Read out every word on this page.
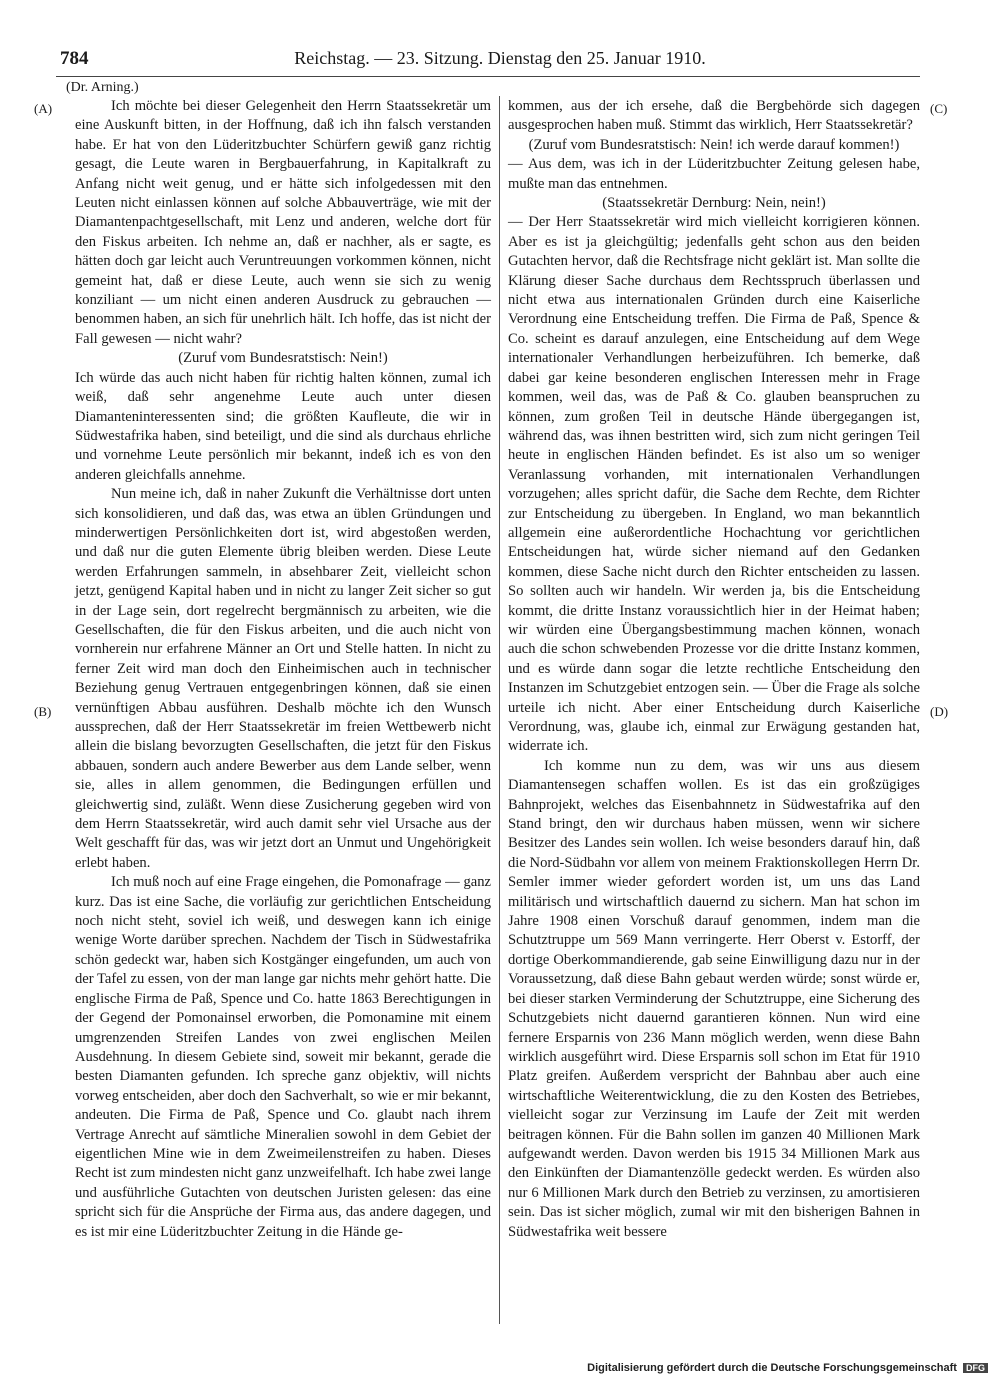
784	Reichstag. — 23. Sitzung. Dienstag den 25. Januar 1910.
(Dr. Arning.)
(A)
(B)
(C)
(D)

Ich möchte bei dieser Gelegenheit den Herrn Staatssekretär um eine Auskunft bitten, in der Hoffnung, daß ich ihn falsch verstanden habe. Er hat von den Lüderitzbuchter Schürfern gewiß ganz richtig gesagt, die Leute waren in Bergbauerfahrung, in Kapitalkraft zu Anfang nicht weit genug, und er hätte sich infolgedessen mit den Leuten nicht einlassen können auf solche Abbauverträge, wie mit der Diamantenpachtgesellschaft, mit Lenz und anderen, welche dort für den Fiskus arbeiten. Ich nehme an, daß er nachher, als er sagte, es hätten doch gar leicht auch Veruntreuungen vorkommen können, nicht gemeint hat, daß er diese Leute, auch wenn sie sich zu wenig konziliant — um nicht einen anderen Ausdruck zu gebrauchen — benommen haben, an sich für unehrlich hält. Ich hoffe, das ist nicht der Fall gewesen — nicht wahr?

(Zuruf vom Bundesratstisch: Nein!)

Ich würde das auch nicht haben für richtig halten können, zumal ich weiß, daß sehr angenehme Leute auch unter diesen Diamanteninteressenten sind; die größten Kaufleute, die wir in Südwestafrika haben, sind beteiligt, und die sind als durchaus ehrliche und vornehme Leute persönlich mir bekannt, indeß ich es von den anderen gleichfalls annehme.

Nun meine ich, daß in naher Zukunft die Verhältnisse dort unten sich konsolidieren, und daß das, was etwa an üblen Gründungen und minderwertigen Persönlichkeiten dort ist, wird abgestoßen werden, und daß nur die guten Elemente übrig bleiben werden. Diese Leute werden Erfahrungen sammeln, in absehbarer Zeit, vielleicht schon jetzt, genügend Kapital haben und in nicht zu langer Zeit sicher so gut in der Lage sein, dort regelrecht bergmännisch zu arbeiten, wie die Gesellschaften, die für den Fiskus arbeiten, und die auch nicht von vornherein nur erfahrene Männer an Ort und Stelle hatten. In nicht zu ferner Zeit wird man doch den Einheimischen auch in technischer Beziehung genug Vertrauen entgegenbringen können, daß sie einen vernünftigen Abbau ausführen. Deshalb möchte ich den Wunsch aussprechen, daß der Herr Staatssekretär im freien Wettbewerb nicht allein die bislang bevorzugten Gesellschaften, die jetzt für den Fiskus abbauen, sondern auch andere Bewerber aus dem Lande selber, wenn sie, alles in allem genommen, die Bedingungen erfüllen und gleichwertig sind, zuläßt. Wenn diese Zusicherung gegeben wird von dem Herrn Staatssekretär, wird auch damit sehr viel Ursache aus der Welt geschafft für das, was wir jetzt dort an Unmut und Ungehörigkeit erlebt haben.

Ich muß noch auf eine Frage eingehen, die Pomonafrage — ganz kurz. Das ist eine Sache, die vorläufig zur gerichtlichen Entscheidung noch nicht steht, soviel ich weiß, und deswegen kann ich einige wenige Worte darüber sprechen. Nachdem der Tisch in Südwestafrika schön gedeckt war, haben sich Kostgänger eingefunden, um auch von der Tafel zu essen, von der man lange gar nichts mehr gehört hatte. Die englische Firma de Paß, Spence und Co. hatte 1863 Berechtigungen in der Gegend der Pomonainsel erworben, die Pomonamine mit einem umgrenzenden Streifen Landes von zwei englischen Meilen Ausdehnung. In diesem Gebiete sind, soweit mir bekannt, gerade die besten Diamanten gefunden. Ich spreche ganz objektiv, will nichts vorweg entscheiden, aber doch den Sachverhalt, so wie er mir bekannt, andeuten. Die Firma de Paß, Spence und Co. glaubt nach ihrem Vertrage Anrecht auf sämtliche Mineralien sowohl in dem Gebiet der eigentlichen Mine wie in dem Zweimeilenstreifen zu haben. Dieses Recht ist zum mindesten nicht ganz unzweifelhaft. Ich habe zwei lange und ausführliche Gutachten von deutschen Juristen gelesen: das eine spricht sich für die Ansprüche der Firma aus, das andere dagegen, und es ist mir eine Lüderitzbuchter Zeitung in die Hände ge-

kommen, aus der ich ersehe, daß die Bergbehörde sich dagegen ausgesprochen haben muß. Stimmt das wirklich, Herr Staatssekretär?

(Zuruf vom Bundesratstisch: Nein! ich werde darauf kommen!)

— Aus dem, was ich in der Lüderitzbuchter Zeitung gelesen habe, mußte man das entnehmen.

(Staatssekretär Dernburg: Nein, nein!)

— Der Herr Staatssekretär wird mich vielleicht korrigieren können. Aber es ist ja gleichgültig; jedenfalls geht schon aus den beiden Gutachten hervor, daß die Rechtsfrage nicht geklärt ist. Man sollte die Klärung dieser Sache durchaus dem Rechtsspruch überlassen und nicht etwa aus internationalen Gründen durch eine Kaiserliche Verordnung eine Entscheidung treffen. Die Firma de Paß, Spence & Co. scheint es darauf anzulegen, eine Entscheidung auf dem Wege internationaler Verhandlungen herbeizuführen. Ich bemerke, daß dabei gar keine besonderen englischen Interessen mehr in Frage kommen, weil das, was de Paß & Co. glauben beanspruchen zu können, zum großen Teil in deutsche Hände übergegangen ist, während das, was ihnen bestritten wird, sich zum nicht geringen Teil heute in englischen Händen befindet. Es ist also um so weniger Veranlassung vorhanden, mit internationalen Verhandlungen vorzugehen; alles spricht dafür, die Sache dem Rechte, dem Richter zur Entscheidung zu übergeben. In England, wo man bekanntlich allgemein eine außerordentliche Hochachtung vor gerichtlichen Entscheidungen hat, würde sicher niemand auf den Gedanken kommen, diese Sache nicht durch den Richter entscheiden zu lassen. So sollten auch wir handeln. Wir werden ja, bis die Entscheidung kommt, die dritte Instanz voraussichtlich hier in der Heimat haben; wir würden eine Übergangsbestimmung machen können, wonach auch die schon schwebenden Prozesse vor die dritte Instanz kommen, und es würde dann sogar die letzte rechtliche Entscheidung den Instanzen im Schutzgebiet entzogen sein. — Über die Frage als solche urteile ich nicht. Aber einer Entscheidung durch Kaiserliche Verordnung, was, glaube ich, einmal zur Erwägung gestanden hat, widerrate ich.

Ich komme nun zu dem, was wir uns aus diesem Diamantensegen schaffen wollen. Es ist das ein großzügiges Bahnprojekt, welches das Eisenbahnnetz in Südwestafrika auf den Stand bringt, den wir durchaus haben müssen, wenn wir sichere Besitzer des Landes sein wollen. Ich weise besonders darauf hin, daß die Nord-Südbahn vor allem von meinem Fraktionskollegen Herrn Dr. Semler immer wieder gefordert worden ist, um uns das Land militärisch und wirtschaftlich dauernd zu sichern. Man hat schon im Jahre 1908 einen Vorschuß darauf genommen, indem man die Schutztruppe um 569 Mann verringerte. Herr Oberst v. Estorff, der dortige Oberkommandierende, gab seine Einwilligung dazu nur in der Voraussetzung, daß diese Bahn gebaut werden würde; sonst würde er, bei dieser starken Verminderung der Schutztruppe, eine Sicherung des Schutzgebiets nicht dauernd garantieren können. Nun wird eine fernere Ersparnis von 236 Mann möglich werden, wenn diese Bahn wirklich ausgeführt wird. Diese Ersparnis soll schon im Etat für 1910 Platz greifen. Außerdem verspricht der Bahnbau aber auch eine wirtschaftliche Weiterentwicklung, die zu den Kosten des Betriebes, vielleicht sogar zur Verzinsung im Laufe der Zeit mit werden beitragen können. Für die Bahn sollen im ganzen 40 Millionen Mark aufgewandt werden. Davon werden bis 1915 34 Millionen Mark aus den Einkünften der Diamantenzölle gedeckt werden. Es würden also nur 6 Millionen Mark durch den Betrieb zu verzinsen, zu amortisieren sein. Das ist sicher möglich, zumal wir mit den bisherigen Bahnen in Südwestafrika weit bessere

Digitalisierung gefördert durch die Deutsche Forschungsgemeinschaft DFG
